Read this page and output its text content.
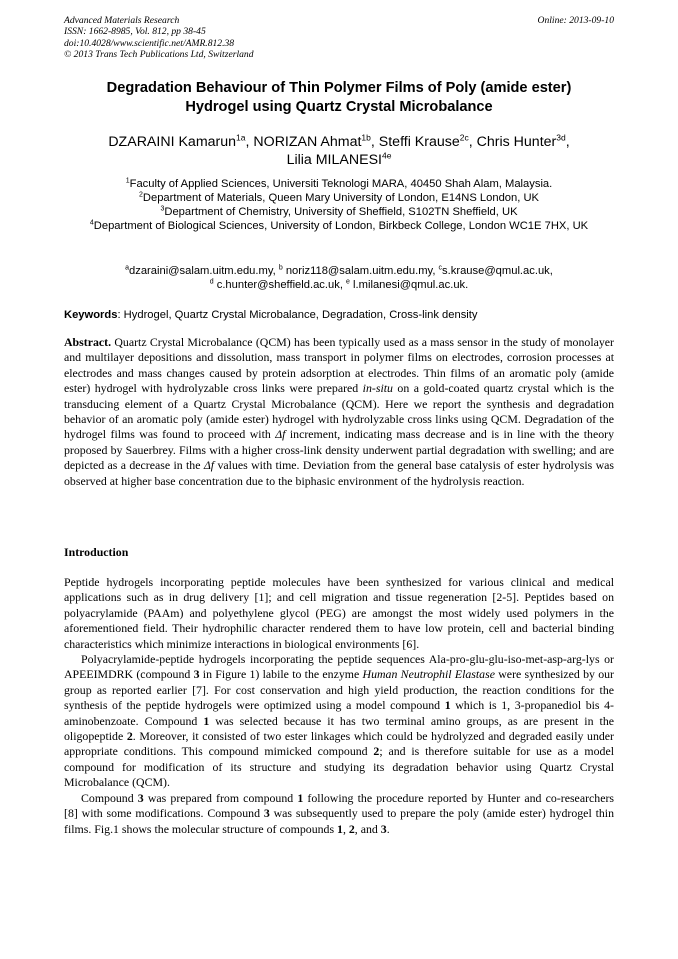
Advanced Materials Research
ISSN: 1662-8985, Vol. 812, pp 38-45
doi:10.4028/www.scientific.net/AMR.812.38
© 2013 Trans Tech Publications Ltd, Switzerland
Online: 2013-09-10
Degradation Behaviour of Thin Polymer Films of Poly (amide ester)
Hydrogel using Quartz Crystal Microbalance
DZARAINI Kamarun$^{1a}$, NORIZAN Ahmat$^{1b}$, Steffi Krause$^{2c}$, Chris Hunter$^{3d}$,
Lilia $MILANESI^{4e}$
$^1$Faculty of Applied Sciences, Universiti Teknologi MARA, 40450 Shah Alam, Malaysia.
$^2$Department of Materials, Queen Mary University of London, E14NS London, UK
$^3$Department of Chemistry, University of Sheffield, S102TN Sheffield, UK
$^4$Department of Biological Sciences, University of London, Birkbeck College, London WC1E 7HX, UK
$^a$dzaraini@salam.uitm.edu.my, $^b$ noriz118@salam.uitm.edu.my, $^c$s.krause@qmul.ac.uk,
$^d$ c.hunter@sheffield.ac.uk, $^e$ l.milanesi@qmul.ac.uk.
Keywords: Hydrogel, Quartz Crystal Microbalance, Degradation, Cross-link density

Abstract. Quartz Crystal Microbalance (QCM) has been typically used as a mass sensor in the study of monolayer and multilayer depositions and dissolution, mass transport in polymer films on electrodes, corrosion processes at electrodes and mass changes caused by protein adsorption at electrodes. Thin films of an aromatic poly (amide ester) hydrogel with hydrolyzable cross links were prepared in-situ on a gold-coated quartz crystal which is the transducing element of a Quartz Crystal Microbalance (QCM). Here we report the synthesis and degradation behavior of an aromatic poly (amide ester) hydrogel with hydrolyzable cross links using QCM. Degradation of the hydrogel films was found to proceed with Δf increment, indicating mass decrease and is in line with the theory proposed by Sauerbrey. Films with a higher cross-link density underwent partial degradation with swelling; and are depicted as a decrease in the Δf values with time. Deviation from the general base catalysis of ester hydrolysis was observed at higher base concentration due to the biphasic environment of the hydrolysis reaction.

Introduction

Peptide hydrogels incorporating peptide molecules have been synthesized for various clinical and medical applications such as in drug delivery [1]; and cell migration and tissue regeneration [2-5]. Peptides based on polyacrylamide (PAAm) and polyethylene glycol (PEG) are amongst the most widely used polymers in the aforementioned field. Their hydrophilic character rendered them to have low protein, cell and bacterial binding characteristics which minimize interactions in biological environments [6].

Polyacrylamide-peptide hydrogels incorporating the peptide sequences Ala-pro-glu-glu-iso-met-asp-arg-lys or APEEIMDRK (compound 3 in Figure 1) labile to the enzyme Human Neutrophil Elastase were synthesized by our group as reported earlier [7]. For cost conservation and high yield production, the reaction conditions for the synthesis of the peptide hydrogels were optimized using a model compound 1 which is 1, 3-propanediol bis 4-aminobenzoate. Compound 1 was selected because it has two terminal amino groups, as are present in the oligopeptide 2. Moreover, it consisted of two ester linkages which could be hydrolyzed and degraded easily under appropriate conditions. This compound mimicked compound 2; and is therefore suitable for use as a model compound for modification of its structure and studying its degradation behavior using Quartz Crystal Microbalance (QCM).

Compound 3 was prepared from compound 1 following the procedure reported by Hunter and co-researchers [8] with some modifications. Compound 3 was subsequently used to prepare the poly (amide ester) hydrogel thin films. Fig.1 shows the molecular structure of compounds 1, 2, and 3.
